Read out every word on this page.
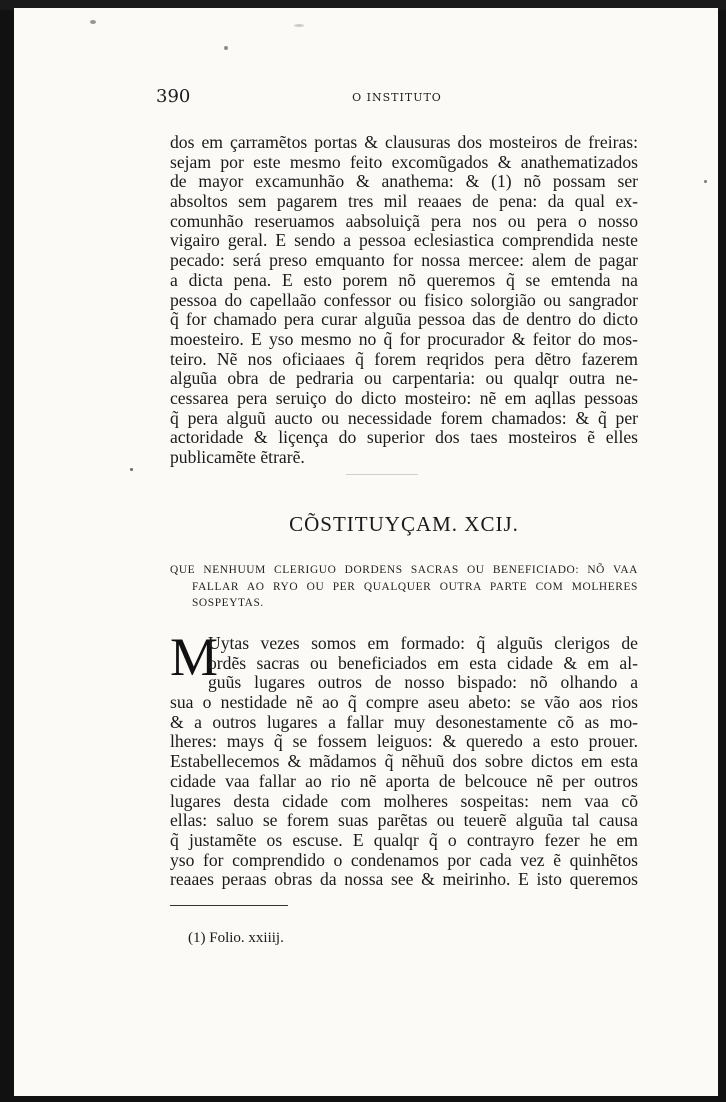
390	O INSTITUTO
dos em çarramẽtos portas & clausuras dos mosteiros de freiras:
sejam por este mesmo feito excomũgados & anathematizados
de mayor excamunhão & anathema: & (1) nõ possam ser
absoltos sem pagarem tres mil reaaes de pena: da qual ex-
comunhão reseruamos aabsoluiçã pera nos ou pera o nosso
vigairo geral. E sendo a pessoa eclesiastica comprendida neste
pecado: será preso emquanto for nossa mercee: alem de pagar
a dicta pena. E esto porem nõ queremos q̃ se emtenda na
pessoa do capellaão confessor ou fisico solorgião ou sangrador
q̃ for chamado pera curar alguũa pessoa das de dentro do dicto
moesteiro. E yso mesmo no q̃ for procurador & feitor do mos-
teiro. Nẽ nos oficiaaes q̃ forem reqridos pera dẽtro fazerem
alguũa obra de pedraria ou carpentaria: ou qualqr outra ne-
cessarea pera seruiço do dicto mosteiro: nẽ em aqllas pessoas
q̃ pera alguũ aucto ou necessidade forem chamados: & q̃ per
actoridade & liçença do superior dos taes mosteiros ẽ elles
publicamẽte ẽtrarẽ.
CÕSTITUYÇAM. XCIJ.
QUE NENHUUM CLERIGUO DORDENS SACRAS OU BENEFICIADO: NÕ VAA
FALLAR AO RYO OU PER QUALQUER OUTRA PARTE COM MOLHERES
SOSPEYTAS.
M
Uytas vezes somos em formado: q̃ alguũs clerigos de
ordẽs sacras ou beneficiados em esta cidade & em al-
guũs lugares outros de nosso bispado: nõ olhando a
sua o nestidade nẽ ao q̃ compre aseu abeto: se vão aos rios
& a outros lugares a fallar muy desonestamente cõ as mo-
lheres: mays q̃ se fossem leiguos: & queredo a esto prouer.
Estabellecemos & mãdamos q̃ nẽhuũ dos sobre dictos em esta
cidade vaa fallar ao rio nẽ aporta de belcouce nẽ per outros
lugares desta cidade com molheres sospeitas: nem vaa cõ
ellas: saluo se forem suas parẽtas ou teuerẽ alguũa tal causa
q̃ justamẽte os escuse. E qualqr q̃ o contrayro fezer he em
yso for comprendido o condenamos por cada vez ẽ quinhẽtos
reaaes peraas obras da nossa see & meirinho. E isto queremos
(1) Folio. xxiiij.
